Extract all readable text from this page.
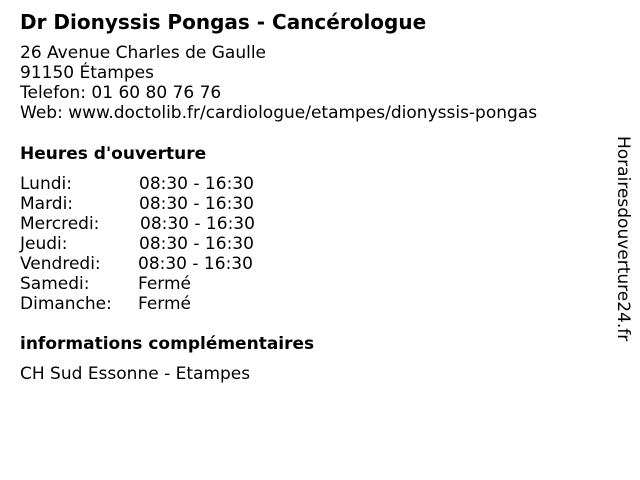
Dr Dionyssis Pongas - Cancérologue
26 Avenue Charles de Gaulle
91150 Étampes
Telefon: 01 60 80 76 76
Web: www.doctolib.fr/cardiologue/etampes/dionyssis-pongas
Heures d'ouverture
Lundi:	08:30 - 16:30
Mardi:	08:30 - 16:30
Mercredi: 08:30 - 16:30
Jeudi:	08:30 - 16:30
Vendredi: 08:30 - 16:30
Samedi:	Fermé
Dimanche: Fermé
informations complémentaires
CH Sud Essonne - Etampes
Horairesdouverture24.fr
